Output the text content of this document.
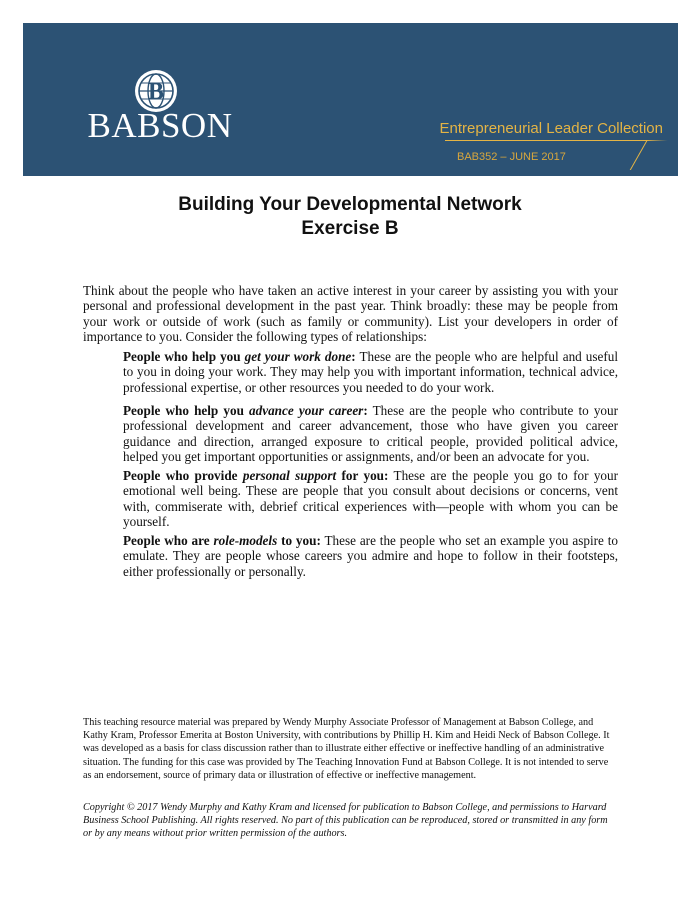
B
BABSON	Entrepreneurial Leader Collection
BAB352 – JUNE 2017
Building Your Developmental Network
Exercise B

Think about the people who have taken an active interest in your career by assisting you with your personal and professional development in the past year. Think broadly: these may be people from your work or outside of work (such as family or community). List your developers in order of importance to you. Consider the following types of relationships:

People who help you get your work done: These are the people who are helpful and useful to you in doing your work. They may help you with important information, technical advice, professional expertise, or other resources you needed to do your work.

People who help you advance your career: These are the people who contribute to your professional development and career advancement, those who have given you career guidance and direction, arranged exposure to critical people, provided political advice, helped you get important opportunities or assignments, and/or been an advocate for you.

People who provide personal support for you: These are the people you go to for your emotional well being. These are people that you consult about decisions or concerns, vent with, commiserate with, debrief critical experiences with—people with whom you can be yourself.

People who are role-models to you: These are the people who set an example you aspire to emulate. They are people whose careers you admire and hope to follow in their footsteps, either professionally or personally.

This teaching resource material was prepared by Wendy Murphy Associate Professor of Management at Babson College, and Kathy Kram, Professor Emerita at Boston University, with contributions by Phillip H. Kim and Heidi Neck of Babson College. It was developed as a basis for class discussion rather than to illustrate either effective or ineffective handling of an administrative situation. The funding for this case was provided by The Teaching Innovation Fund at Babson College. It is not intended to serve as an endorsement, source of primary data or illustration of effective or ineffective management.

Copyright © 2017 Wendy Murphy and Kathy Kram and licensed for publication to Babson College, and permissions to Harvard Business School Publishing. All rights reserved. No part of this publication can be reproduced, stored or transmitted in any form or by any means without prior written permission of the authors.
